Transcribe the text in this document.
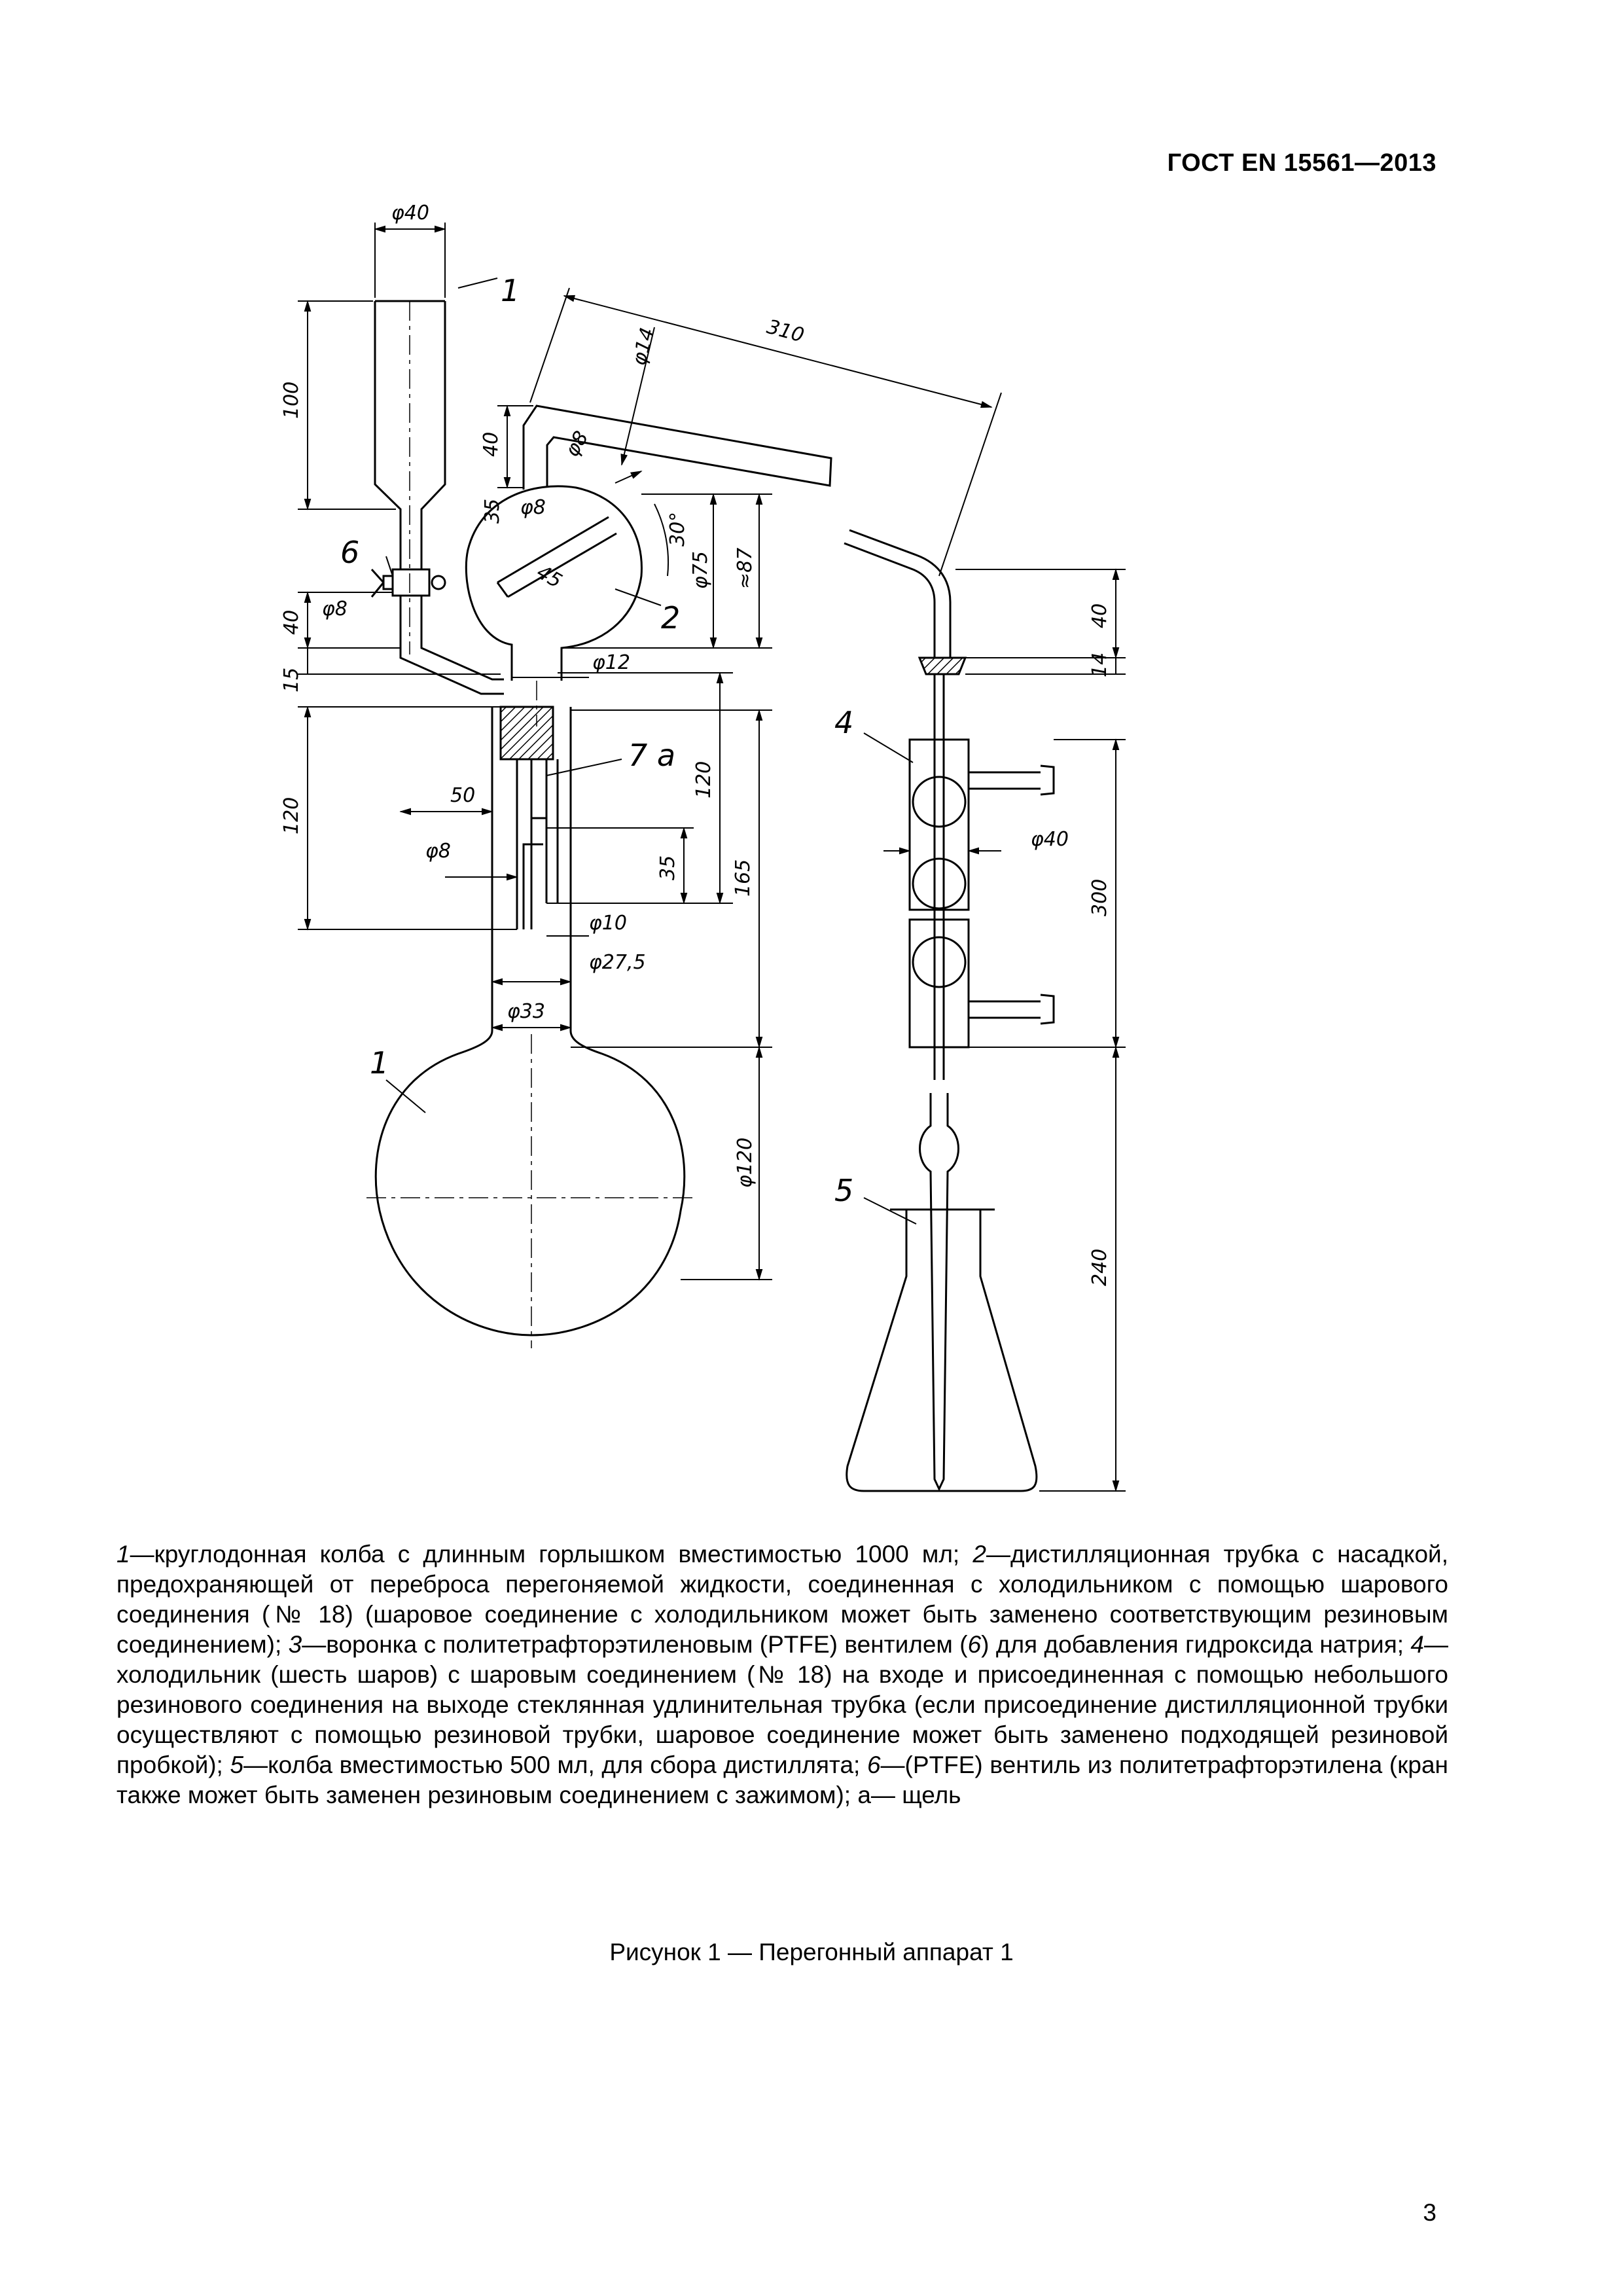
ГОСТ EN 15561—2013
1
6
2
7 а
1
4
5
φ40
100
40
φ8
15
120
50
φ8
310
φ14
40	φ8
35 φ8
30°
φ75 ≈87
45
φ12
120
35	165
φ10
φ27,5
φ33
φ120
40
14
φ40
300
240
1—круглодонная колба с длинным горлышком вместимостью 1000 мл; 2—дистилляционная трубка с насадкой, предохраняющей от переброса перегоняемой жидкости, соединенная с холодильником с помощью шарового соединения (№ 18) (шаровое соединение с холодильником может быть заменено соответствующим резиновым соединением); 3—воронка с политетрафторэтиленовым (PTFE) вентилем (6) для добавления гидроксида натрия; 4—холодильник (шесть шаров) с шаровым соединением (№ 18) на входе и присоединенная с помощью небольшого резинового соединения на выходе стеклянная удлинительная трубка (если присоединение дистилляционной трубки осуществляют с помощью резиновой трубки, шаровое соединение может быть заменено подходящей резиновой пробкой); 5—колба вместимостью 500 мл, для сбора дистиллята; 6—(PTFE) вентиль из политетрафторэтилена (кран также может быть заменен резиновым соединением с зажимом); а— щель
Рисунок 1 — Перегонный аппарат 1
3
